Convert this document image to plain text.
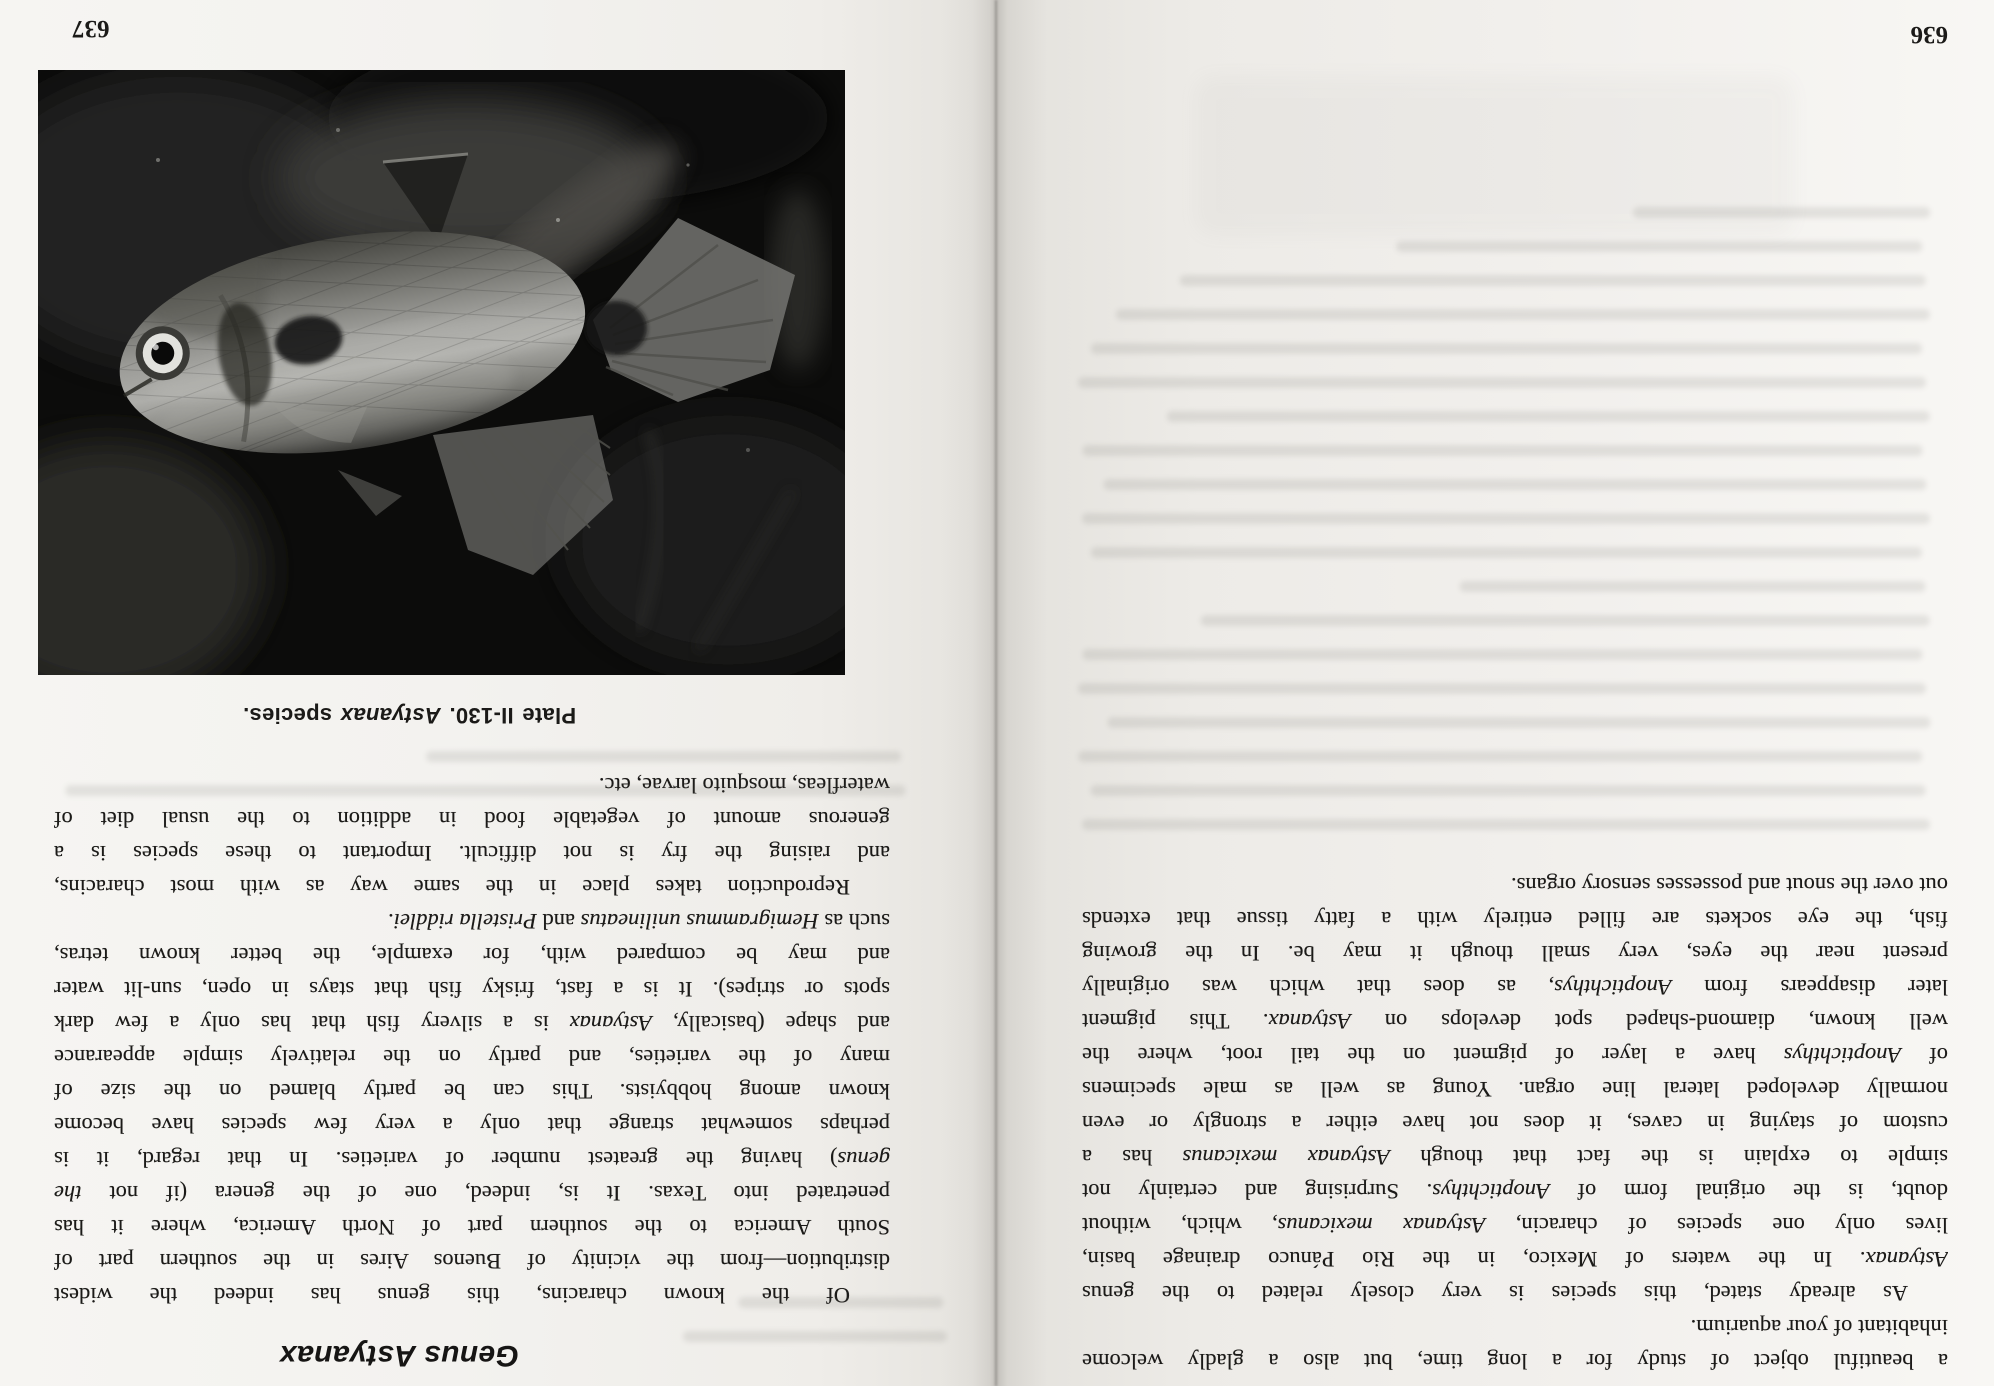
a beautiful object of study for a long time, but also a gladly welcome
inhabitant of your aquarium.
As already stated, this species is very closely related to the genus
Astyanax. In the waters of Mexico, in the Rio Pánuco drainage basin,
lives only one species of characin, Astyanax mexicanus, which, without
doubt, is the original form of Anoptichthys. Surprising and certainly not
simple to explain is the fact that though Astyanax mexicanus has a
custom of staying in caves, it does not have either a strongly or even
normally developed lateral line organ. Young as well as male specimens
of Anoptichthys have a layer of pigment on the tail root, where the
well known, diamond-shaped spot develops on Astyanax. This pigment
later disappears from Anoptichthys, as does that which was originally
present near the eyes, very small though it may be. In the growing
fish, the eye sockets are filled entirely with a fatty tissue that extends
out over the snout and possesses sensory organs.
636
Genus Astyanax
Of the known characins, this genus has indeed the widest
distribution—from the vicinity of Buenos Aires in the southern part of
South America to the southern part of North America, where it has
penetrated into Texas. It is, indeed, one of the genera (if not the
genus) having the greatest number of varieties. In that regard, it is
perhaps somewhat strange that only a very few species have become
known among hobbyists. This can be partly blamed on the size of
many of the varieties, and partly on the relatively simple appearance
and shape (basically, Astyanax is a silvery fish that has only a few dark
spots or stripes). It is a fast, frisky fish that stays in open, sun-lit water
and may be compared with, for example, the better known tetras,
such as Hemigrammus unilineatus and Pristella riddlei.
Reproduction takes place in the same way as with most characins,
and raising the fry is not difficult. Important to these species is a
generous amount of vegetable food in addition to the usual diet of
waterfleas, mosquito larvae, etc.
Plate II-130. Astyanax species.
637
